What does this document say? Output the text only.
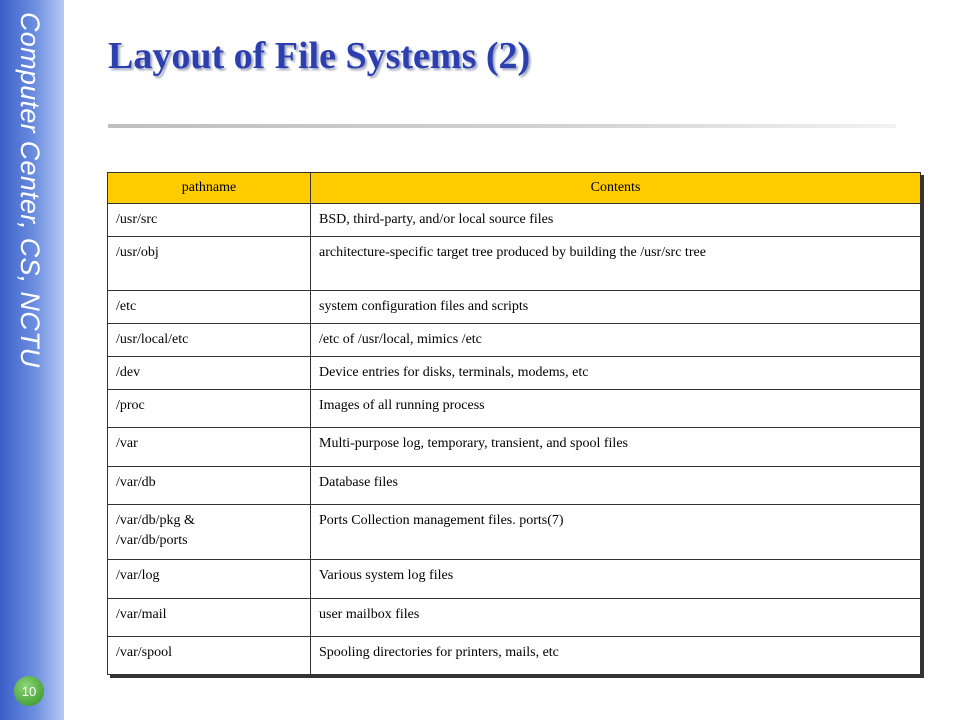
Computer Center, CS, NCTU
10
Layout of File Systems (2)
pathname	Contents
/usr/src	BSD, third-party, and/or local source files
/usr/obj	architecture-specific target tree produced by building the /usr/src tree
/etc	system configuration files and scripts
/usr/local/etc	/etc of /usr/local, mimics /etc
/dev	Device entries for disks, terminals, modems, etc
/proc	Images of all running process
/var	Multi-purpose log, temporary, transient, and spool files
/var/db	Database files
/var/db/pkg &
/var/db/ports	Ports Collection management files. ports(7)
/var/log	Various system log files
/var/mail	user mailbox files
/var/spool	Spooling directories for printers, mails, etc
